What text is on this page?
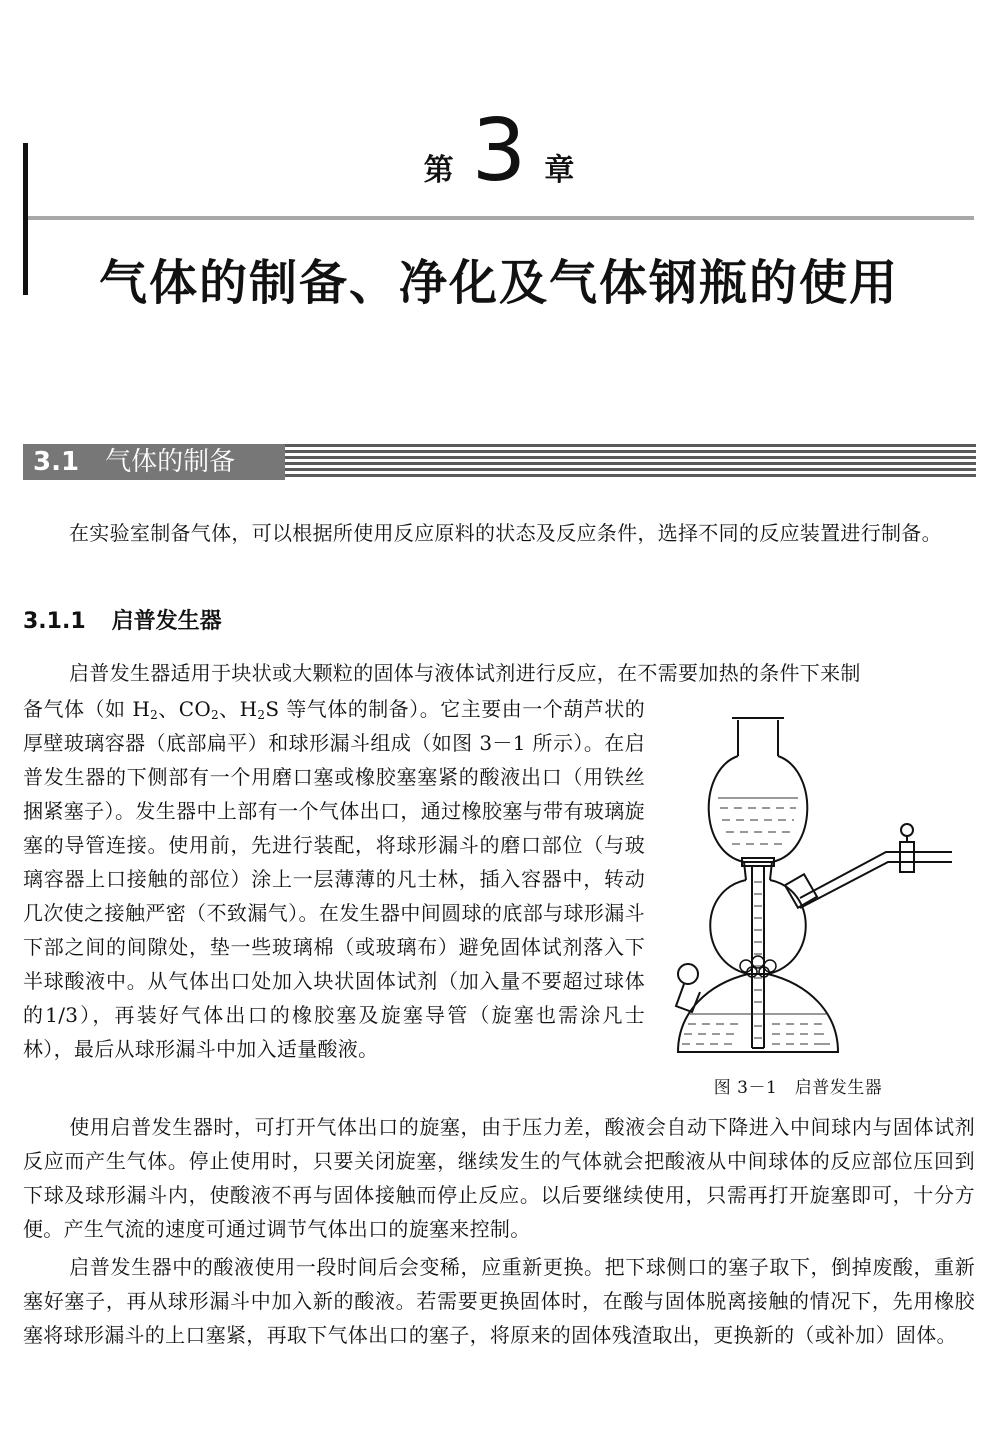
第 3 章
气体的制备、净化及气体钢瓶的使用
3.1 气体的制备
在实验室制备气体，可以根据所使用反应原料的状态及反应条件，选择不同的反应装置进行制备。
3.1.1 启普发生器
启普发生器适用于块状或大颗粒的固体与液体试剂进行反应，在不需要加热的条件下来制
备气体（如 $H_2$、$CO_2$、$H_2S$ 等气体的制备）。它主要由一个葫芦状的厚壁玻璃容器（底部扁平）和球形漏斗组成（如图 3－1 所示）。在启普发生器的下侧部有一个用磨口塞或橡胶塞塞紧的酸液出口（用铁丝捆紧塞子）。发生器中上部有一个气体出口，通过橡胶塞与带有玻璃旋塞的导管连接。使用前，先进行装配，将球形漏斗的磨口部位（与玻璃容器上口接触的部位）涂上一层薄薄的凡士林，插入容器中，转动几次使之接触严密（不致漏气）。在发生器中间圆球的底部与球形漏斗下部之间的间隙处，垫一些玻璃棉（或玻璃布）避免固体试剂落入下半球酸液中。从气体出口处加入块状固体试剂（加入量不要超过球体的1/3），再装好气体出口的橡胶塞及旋塞导管（旋塞也需涂凡士林），最后从球形漏斗中加入适量酸液。
图 3－1　启普发生器
使用启普发生器时，可打开气体出口的旋塞，由于压力差，酸液会自动下降进入中间球内与固体试剂反应而产生气体。停止使用时，只要关闭旋塞，继续发生的气体就会把酸液从中间球体的反应部位压回到下球及球形漏斗内，使酸液不再与固体接触而停止反应。以后要继续使用，只需再打开旋塞即可，十分方便。产生气流的速度可通过调节气体出口的旋塞来控制。
启普发生器中的酸液使用一段时间后会变稀，应重新更换。把下球侧口的塞子取下，倒掉废酸，重新塞好塞子，再从球形漏斗中加入新的酸液。若需要更换固体时，在酸与固体脱离接触的情况下，先用橡胶塞将球形漏斗的上口塞紧，再取下气体出口的塞子，将原来的固体残渣取出，更换新的（或补加）固体。
